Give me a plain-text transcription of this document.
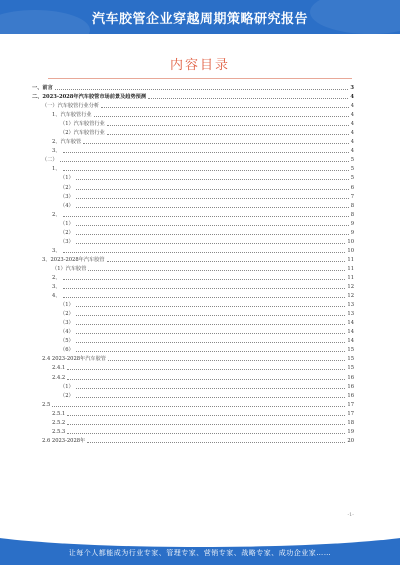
汽车胶管企业穿越周期策略研究报告
内容目录
一、前言	3
二、2023-2028年汽车胶管市场前景及趋势预测	4
（一）汽车胶管行业分析	4
1、汽车胶管行业	4
（1）汽车胶管行业	4
（2）汽车胶管行业	4
2、汽车胶管	4
3、	4
（二）	5
1、	5
（1）	5
（2）	6
（3）	7
（4）	8
2、	8
（1）	9
（2）	9
（3）	10
3、	10
3、2023-2028年汽车胶管	11
（1）汽车胶管	11
2、	11
3、	12
4、	12
（1）	13
（2）	13
（3）	14
（4）	14
（5）	14
（6）	15
2.4 2023-2028年汽车胶管	15
2.4.1	15
2.4.2	16
（1）	16
（2）	16
2.5	17
2.5.1	17
2.5.2	18
2.5.3	19
2.6 2023-2028年	20
-1-
让每个人都能成为行业专家、管理专家、营销专家、战略专家、成功企业家……
